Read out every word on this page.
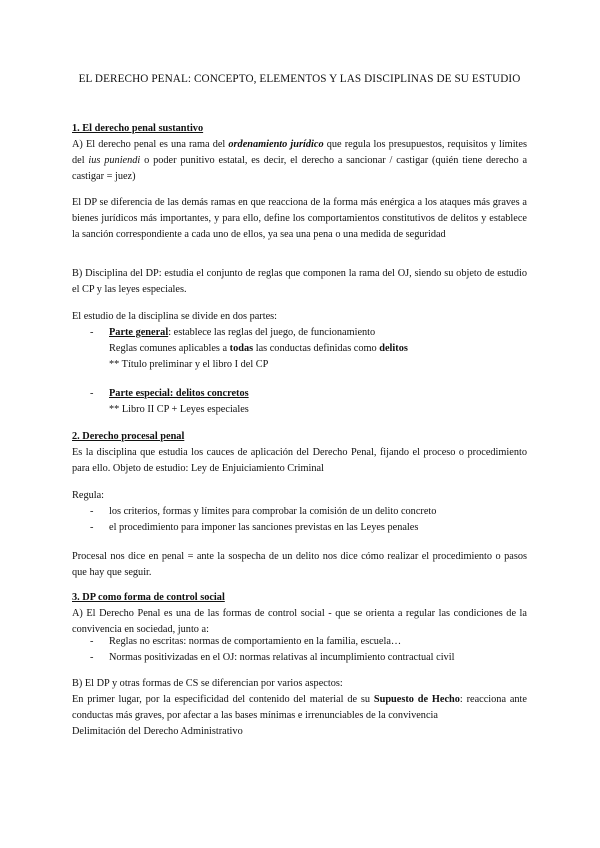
EL DERECHO PENAL: CONCEPTO, ELEMENTOS Y LAS DISCIPLINAS DE SU ESTUDIO
1. El derecho penal sustantivo
A) El derecho penal es una rama del ordenamiento jurídico que regula los presupuestos, requisitos y límites del ius puniendi o poder punitivo estatal, es decir, el derecho a sancionar / castigar (quién tiene derecho a castigar = juez)
El DP se diferencia de las demás ramas en que reacciona de la forma más enérgica a los ataques más graves a bienes jurídicos más importantes, y para ello, define los comportamientos constitutivos de delitos y establece la sanción correspondiente a cada uno de ellos, ya sea una pena o una medida de seguridad
B) Disciplina del DP: estudia el conjunto de reglas que componen la rama del OJ, siendo su objeto de estudio el CP y las leyes especiales.
El estudio de la disciplina se divide en dos partes:
- Parte general: establece las reglas del juego, de funcionamiento
Reglas comunes aplicables a todas las conductas definidas como delitos
** Título preliminar y el libro I del CP
- Parte especial: delitos concretos
** Libro II CP + Leyes especiales
2. Derecho procesal penal
Es la disciplina que estudia los cauces de aplicación del Derecho Penal, fijando el proceso o procedimiento para ello. Objeto de estudio: Ley de Enjuiciamiento Criminal
Regula:
- los criterios, formas y límites para comprobar la comisión de un delito concreto
- el procedimiento para imponer las sanciones previstas en las Leyes penales
Procesal nos dice en penal = ante la sospecha de un delito nos dice cómo realizar el procedimiento o pasos que hay que seguir.
3. DP como forma de control social
A) El Derecho Penal es una de las formas de control social - que se orienta a regular las condiciones de la convivencia en sociedad, junto a:
- Reglas no escritas: normas de comportamiento en la familia, escuela…
- Normas positivizadas en el OJ: normas relativas al incumplimiento contractual civil
B) El DP y otras formas de CS se diferencian por varios aspectos:
En primer lugar, por la especificidad del contenido del material de su Supuesto de Hecho: reacciona ante conductas más graves, por afectar a las bases mínimas e irrenunciables de la convivencia
Delimitación del Derecho Administrativo
